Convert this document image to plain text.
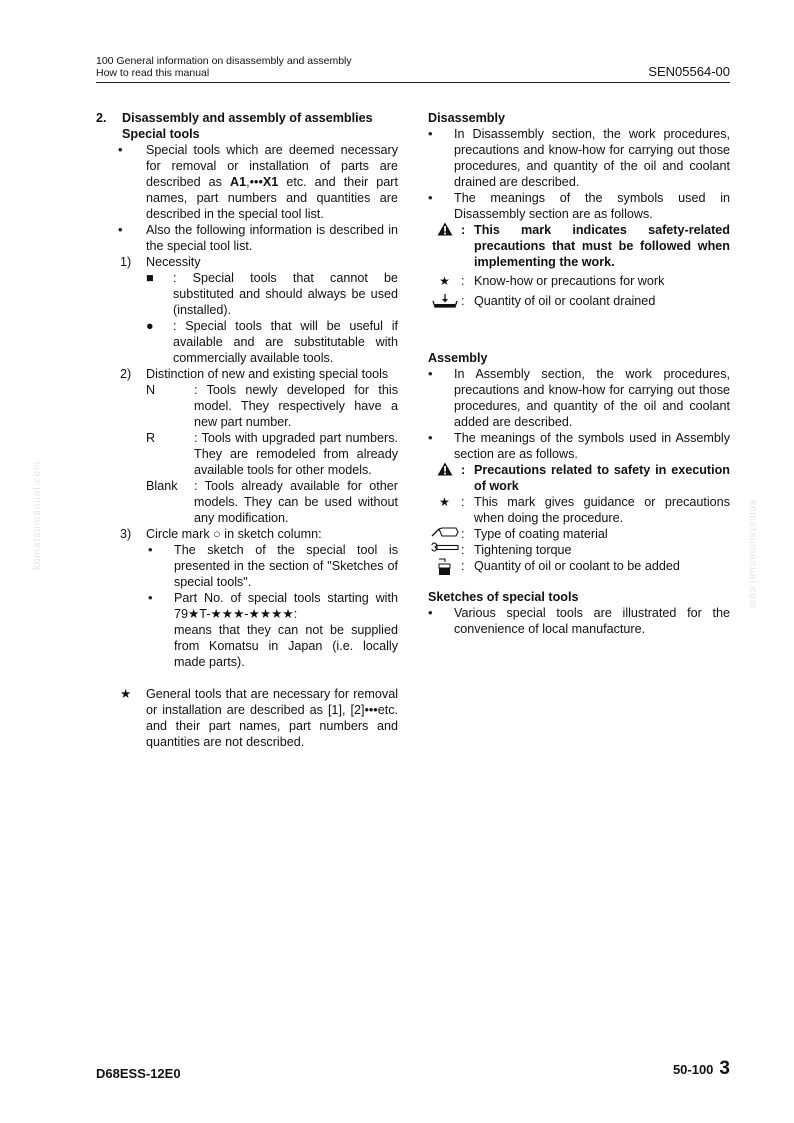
100 General information on disassembly and assembly
How to read this manual	SEN05564-00
komatsumanual.com	komatsumanual.com
2. Disassembly and assembly of assemblies
Special tools
• Special tools which are deemed necessary for removal or installation of parts are described as A1,•••X1 etc. and their part names, part numbers and quantities are described in the special tool list.
• Also the following information is described in the special tool list.
1) Necessity
■ : Special tools that cannot be substituted and should always be used (installed).
● : Special tools that will be useful if available and are substitutable with commercially available tools.
2) Distinction of new and existing special tools
N	: Tools newly developed for this model. They respectively have a new part number.
R	: Tools with upgraded part numbers. They are remodeled from already available tools for other models.
Blank : Tools already available for other models. They can be used without any modification.
3) Circle mark ○ in sketch column:
• The sketch of the special tool is presented in the section of "Sketches of special tools".
• Part No. of special tools starting with 79★T-★★★-★★★★:
means that they can not be supplied from Komatsu in Japan (i.e. locally made parts).
★ General tools that are necessary for removal or installation are described as [1], [2]•••etc. and their part names, part numbers and quantities are not described.
Disassembly
• In Disassembly section, the work procedures, precautions and know-how for carrying out those procedures, and quantity of the oil and coolant drained are described.
• The meanings of the symbols used in Disassembly section are as follows.
: This mark indicates safety-related precautions that must be followed when implementing the work.
★ : Know-how or precautions for work
: Quantity of oil or coolant drained
Assembly
• In Assembly section, the work procedures, precautions and know-how for carrying out those procedures, and quantity of the oil and coolant added are described.
• The meanings of the symbols used in Assembly section are as follows.
: Precautions related to safety in execution of work
★ : This mark gives guidance or precautions when doing the procedure.
: Type of coating material
: Tightening torque
: Quantity of oil or coolant to be added
Sketches of special tools
• Various special tools are illustrated for the convenience of local manufacture.
D68ESS-12E0	50-100 3
